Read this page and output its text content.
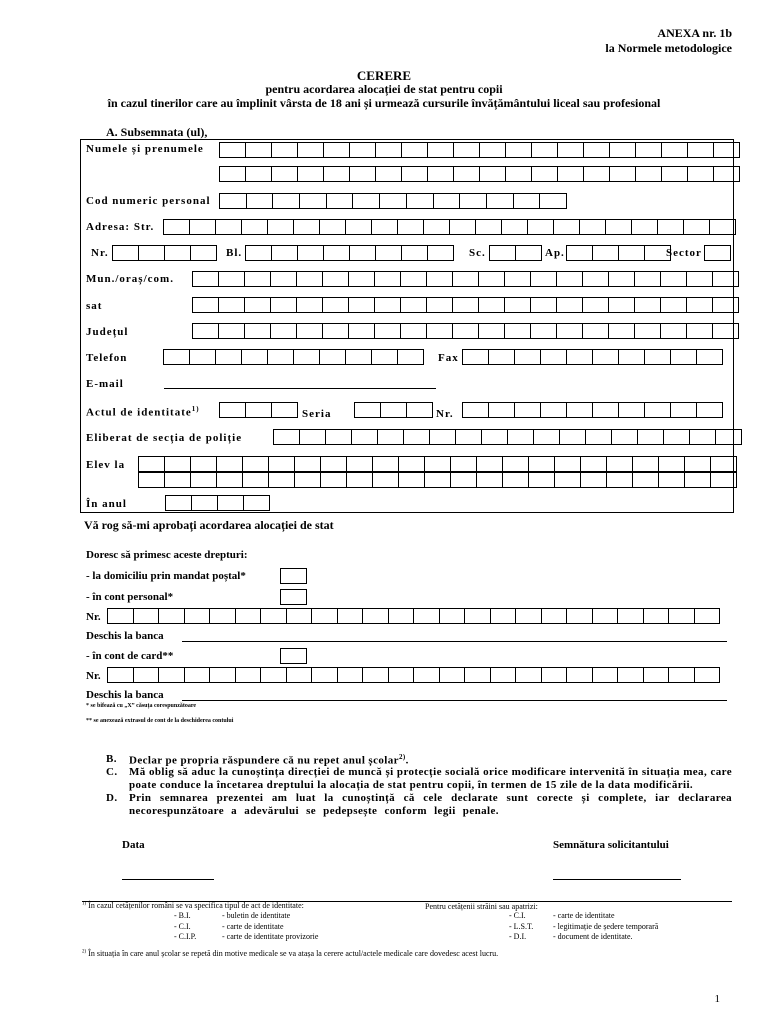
ANEXA nr. 1b
la Normele metodologice
CERERE
pentru acordarea alocației de stat pentru copii
în cazul tinerilor care au împlinit vârsta de 18 ani și urmează cursurile învățământului liceal sau profesional
A. Subsemnata (ul),
Numele și prenumele
Cod numeric personal
Adresa: Str.
Nr.	Bl.	Sc.	Ap.	Sector
Mun./oraș/com.
sat
Județul
Telefon	Fax
E-mail
Actul de identitate$^{1)}$	Seria	Nr.
Eliberat de secția de poliție
Elev la
În anul
Vă rog să-mi aprobați acordarea alocației de stat
Doresc să primesc aceste drepturi:
- la domiciliu prin mandat poștal*
- în cont personal*
Nr.
Deschis la banca
- în cont de card**
Nr.
Deschis la banca
* se bifează cu „X” căsuța corespunzătoare
** se anexează extrasul de cont de la deschiderea contului
B. Declar pe propria răspundere că nu repet anul școlar$^{2)}$.
C. Mă oblig să aduc la cunoștința direcției de muncă și protecție socială orice modificare intervenită în situația mea, care poate conduce la încetarea dreptului la alocația de stat pentru copii, în termen de 15 zile de la data modificării.
D. Prin semnarea prezentei am luat la cunoștință că cele declarate sunt corecte și complete, iar declararea necorespunzătoare a adevărului se pedepsește conform legii penale.
Data	Semnătura solicitantului
$^{1)}$ În cazul cetățenilor români se va specifica tipul de act de identitate:	Pentru cetățenii străini sau apatrizi:
- B.I.	- buletin de identitate
- C.I.	- carte de identitate
- C.I.P.	- carte de identitate provizorie
- C.I.	- carte de identitate
- L.S.T. - legitimație de ședere temporară
- D.I.	- document de identitate.
$^{2)}$ În situația în care anul școlar se repetă din motive medicale se va atașa la cerere actul/actele medicale care dovedesc acest lucru.
1
